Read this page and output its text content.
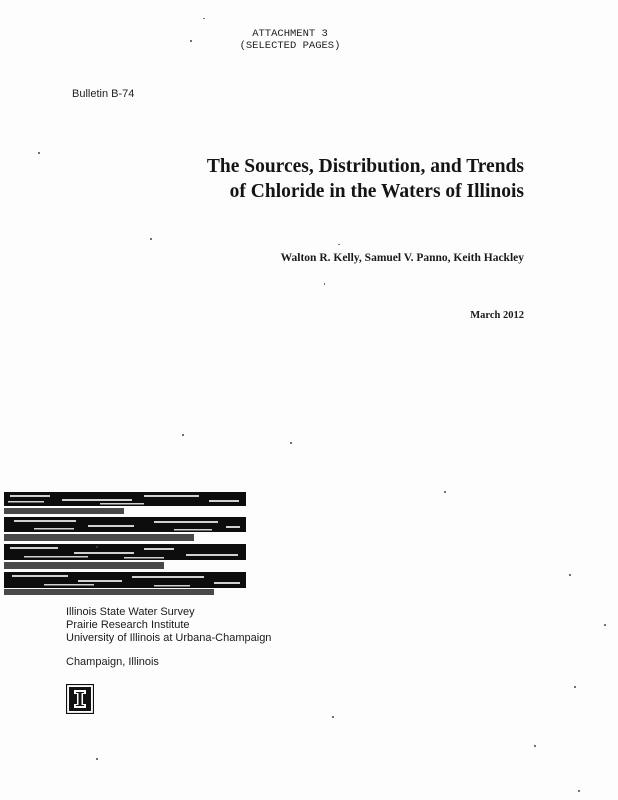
ATTACHMENT 3
(SELECTED PAGES)
Bulletin B-74
The Sources, Distribution, and Trends
of Chloride in the Waters of Illinois
Walton R. Kelly, Samuel V. Panno, Keith Hackley
March 2012
Illinois State Water Survey
Prairie Research Institute
University of Illinois at Urbana-Champaign
Champaign, Illinois
